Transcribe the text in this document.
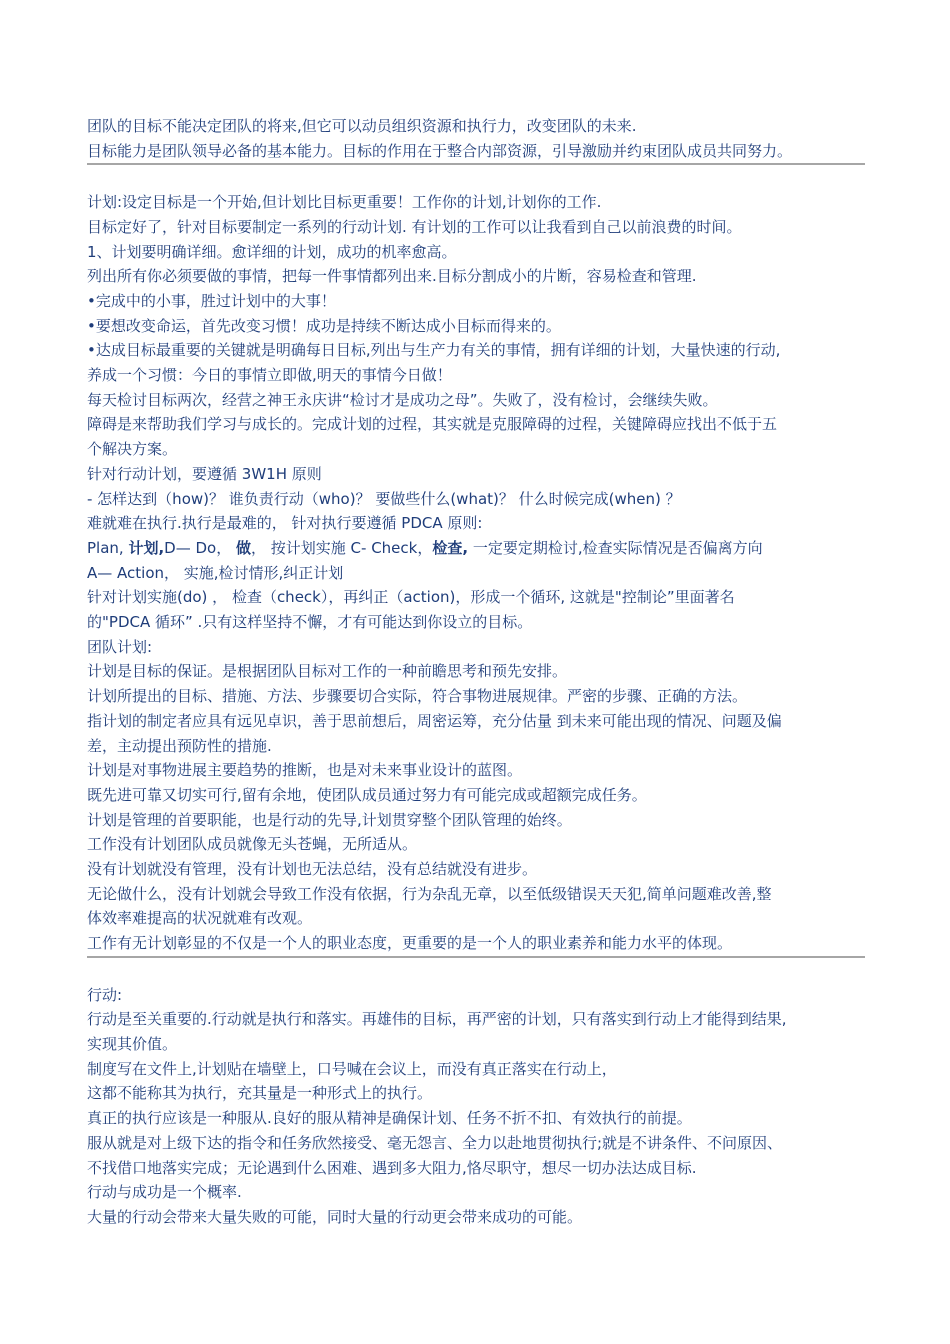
团队的目标不能决定团队的将来,但它可以动员组织资源和执行力，改变团队的未来.
目标能力是团队领导必备的基本能力。目标的作用在于整合内部资源，引导激励并约束团队成员共同努力。
计划:设定目标是一个开始,但计划比目标更重要！工作你的计划,计划你的工作.
目标定好了，针对目标要制定一系列的行动计划. 有计划的工作可以让我看到自己以前浪费的时间。
1、计划要明确详细。愈详细的计划，成功的机率愈高。
列出所有你必须要做的事情，把每一件事情都列出来.目标分割成小的片断，容易检查和管理.
•完成中的小事，胜过计划中的大事！
•要想改变命运，首先改变习惯！成功是持续不断达成小目标而得来的。
•达成目标最重要的关键就是明确每日目标,列出与生产力有关的事情，拥有详细的计划，大量快速的行动,
养成一个习惯：今日的事情立即做,明天的事情今日做！
每天检讨目标两次，经营之神王永庆讲“检讨才是成功之母”。失败了，没有检讨，会继续失败。
障碍是来帮助我们学习与成长的。完成计划的过程，其实就是克服障碍的过程，关键障碍应找出不低于五
个解决方案。
针对行动计划，要遵循 3W1H 原则
- 怎样达到（how)？ 谁负责行动（who)？ 要做些什么(what)？ 什么时候完成(when) ？
难就难在执行.执行是最难的， 针对执行要遵循 PDCA 原则:
Plan, 计划,D— Do， 做， 按计划实施 C- Check，检查, 一定要定期检讨,检查实际情况是否偏离方向
A— Action， 实施,检讨情形,纠正计划
针对计划实施(do) ， 检查（check），再纠正（action)，形成一个循环, 这就是"控制论”里面著名
的"PDCA 循环” .只有这样坚持不懈，才有可能达到你设立的目标。
团队计划:
计划是目标的保证。是根据团队目标对工作的一种前瞻思考和预先安排。
计划所提出的目标、措施、方法、步骤要切合实际，符合事物进展规律。严密的步骤、正确的方法。
指计划的制定者应具有远见卓识，善于思前想后，周密运筹，充分估量 到未来可能出现的情况、问题及偏
差，主动提出预防性的措施.
计划是对事物进展主要趋势的推断，也是对未来事业设计的蓝图。
既先进可靠又切实可行,留有余地，使团队成员通过努力有可能完成或超额完成任务。
计划是管理的首要职能，也是行动的先导,计划贯穿整个团队管理的始终。
工作没有计划团队成员就像无头苍蝇，无所适从。
没有计划就没有管理，没有计划也无法总结，没有总结就没有进步。
无论做什么，没有计划就会导致工作没有依据，行为杂乱无章，以至低级错误天天犯,简单问题难改善,整
体效率难提高的状况就难有改观。
工作有无计划彰显的不仅是一个人的职业态度，更重要的是一个人的职业素养和能力水平的体现。
行动:
行动是至关重要的.行动就是执行和落实。再雄伟的目标，再严密的计划，只有落实到行动上才能得到结果,
实现其价值。
制度写在文件上,计划贴在墙壁上，口号喊在会议上，而没有真正落实在行动上，
这都不能称其为执行，充其量是一种形式上的执行。
真正的执行应该是一种服从.良好的服从精神是确保计划、任务不折不扣、有效执行的前提。
服从就是对上级下达的指令和任务欣然接受、毫无怨言、全力以赴地贯彻执行;就是不讲条件、不问原因、
不找借口地落实完成；无论遇到什么困难、遇到多大阻力,恪尽职守，想尽一切办法达成目标.
行动与成功是一个概率.
大量的行动会带来大量失败的可能，同时大量的行动更会带来成功的可能。
